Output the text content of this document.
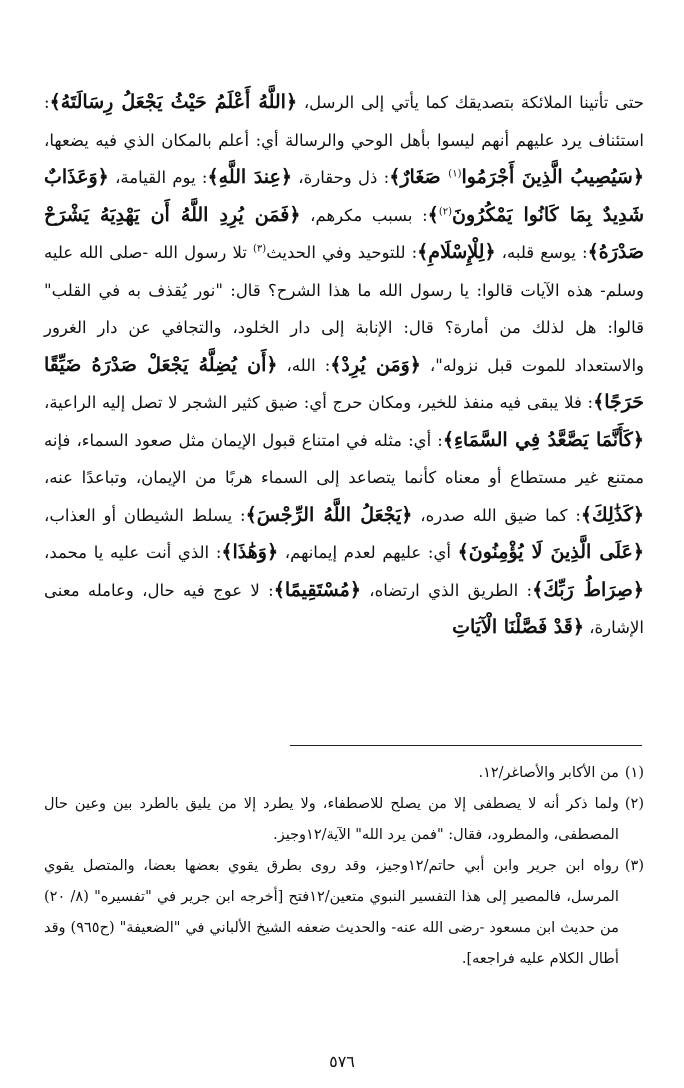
حتى تأتينا الملائكة بتصديقك كما يأتي إلى الرسل، ﴿اللَّهُ أَعْلَمُ حَيْثُ يَجْعَلُ رِسَالَتَهُ﴾: استئناف يرد عليهم أنهم ليسوا بأهل الوحي والرسالة أي: أعلم بالمكان الذي فيه يضعها، ﴿سَيُصِيبُ الَّذِينَ أَجْرَمُوا$^{(١)}$ صَغَارٌ﴾: ذل وحقارة، ﴿عِندَ اللَّهِ﴾: يوم القيامة، ﴿وَعَذَابٌ شَدِيدٌ بِمَا كَانُوا يَمْكُرُونَ$^{(٢)}$﴾: بسبب مكرهم، ﴿فَمَن يُرِدِ اللَّهُ أَن يَهْدِيَهُ يَشْرَحْ صَدْرَهُ﴾: يوسع قلبه، ﴿لِلْإِسْلَامِ﴾: للتوحيد وفي الحديث$^{(٣)}$ تلا رسول الله -صلى الله عليه وسلم- هذه الآيات قالوا: يا رسول الله ما هذا الشرح؟ قال: "نور يُقذف به في القلب" قالوا: هل لذلك من أمارة؟ قال: الإنابة إلى دار الخلود، والتجافي عن دار الغرور والاستعداد للموت قبل نزوله"، ﴿وَمَن يُرِدْ﴾: الله، ﴿أَن يُضِلَّهُ يَجْعَلْ صَدْرَهُ ضَيِّقًا حَرَجًا﴾: فلا يبقى فيه منفذ للخير، ومكان حرج أي: ضيق كثير الشجر لا تصل إليه الراعية، ﴿كَأَنَّمَا يَصَّعَّدُ فِي السَّمَاءِ﴾: أي: مثله في امتناع قبول الإيمان مثل صعود السماء، فإنه ممتنع غير مستطاع أو معناه كأنما يتصاعد إلى السماء هربًا من الإيمان، وتباعدًا عنه، ﴿كَذَٰلِكَ﴾: كما ضيق الله صدره، ﴿يَجْعَلُ اللَّهُ الرِّجْسَ﴾: يسلط الشيطان أو العذاب، ﴿عَلَى الَّذِينَ لَا يُؤْمِنُونَ﴾ أي: عليهم لعدم إيمانهم، ﴿وَهَٰذَا﴾: الذي أنت عليه يا محمد، ﴿صِرَاطُ رَبِّكَ﴾: الطريق الذي ارتضاه، ﴿مُسْتَقِيمًا﴾: لا عوج فيه حال، وعامله معنى الإشارة، ﴿قَدْ فَصَّلْنَا الْآيَاتِ

(١)
من الأكابر والأصاغر/١٢.
(٢)
ولما ذكر أنه لا يصطفى إلا من يصلح للاصطفاء، ولا يطرد إلا من يليق بالطرد بين وعين حال المصطفى، والمطرود، فقال: "فمن يرد الله" الآية/١٢وجيز.
(٣)
رواه ابن جرير وابن أبي حاتم/١٢وجيز، وقد روى بطرق يقوي بعضها بعضا، والمتصل يقوي المرسل، فالمصير إلى هذا التفسير النبوي متعين/١٢فتح [أخرجه ابن جرير في "تفسيره" (٨/ ٢٠) من حديث ابن مسعود -رضى الله عنه- والحديث ضعفه الشيخ الألباني في "الضعيفة" (ح٩٦٥) وقد أطال الكلام عليه فراجعه].
٥٧٦
